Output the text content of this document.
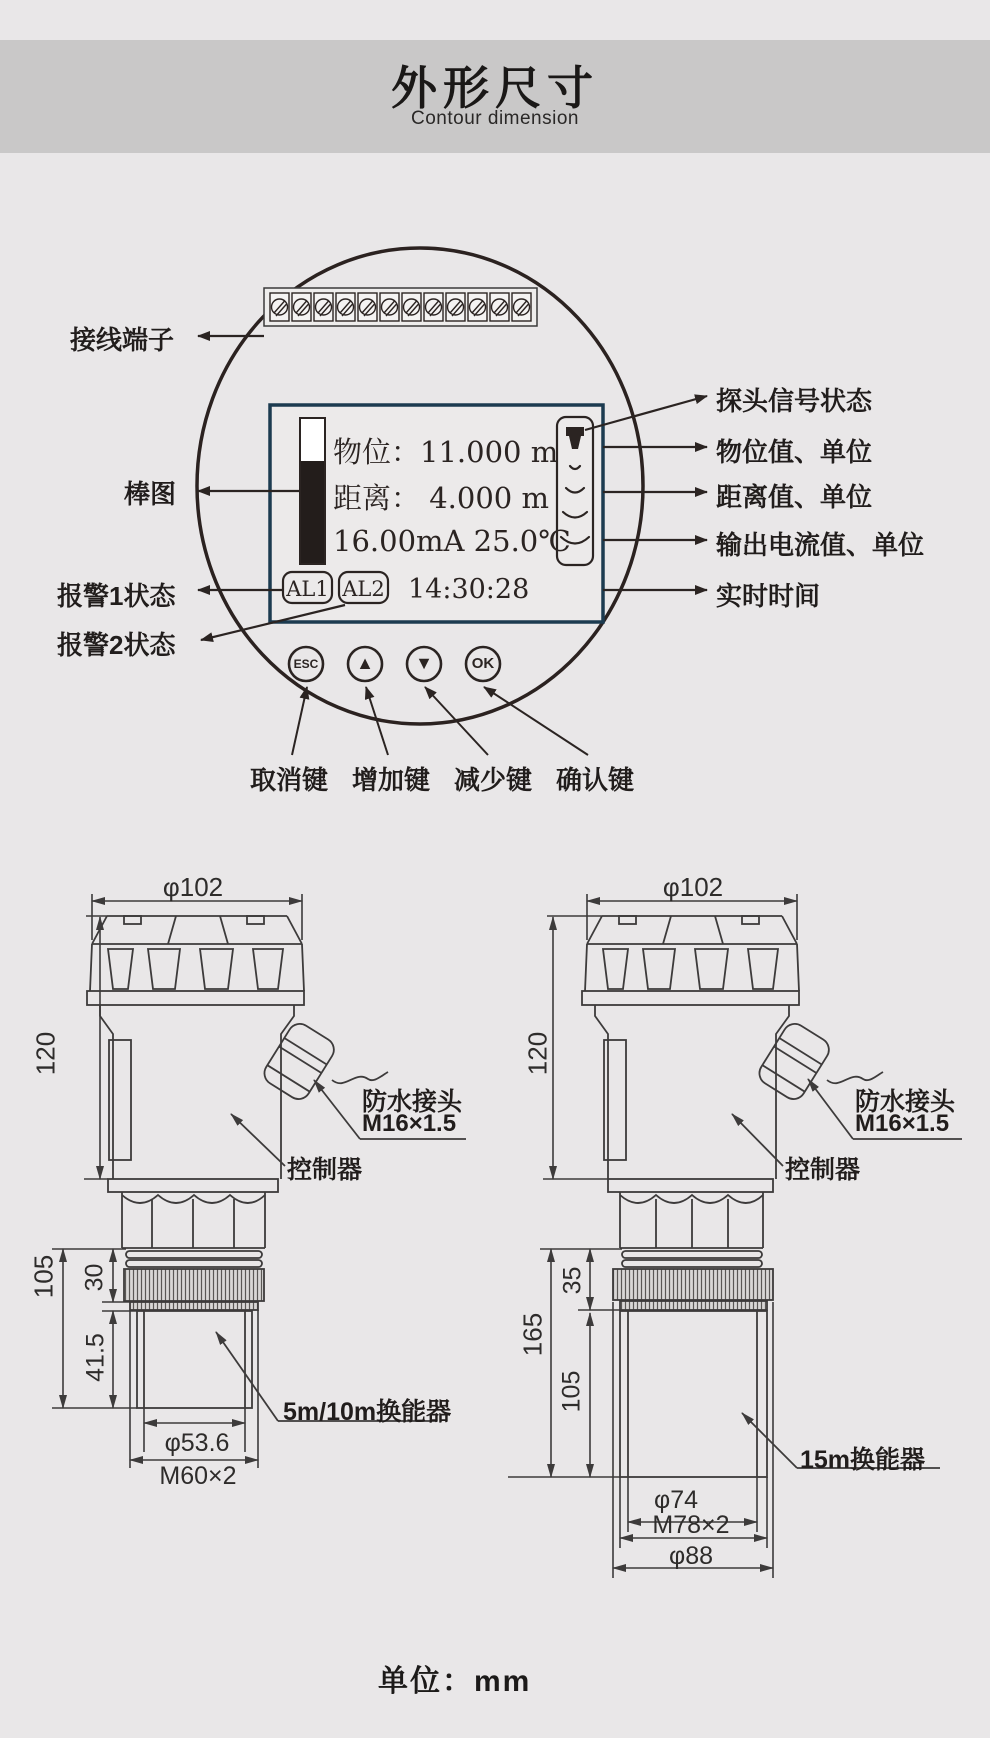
外形尺寸
Contour dimension
接线端子
棒图
报警1状态
报警2状态
探头信号状态
物位值、单位
距离值、单位
输出电流值、单位
实时时间
物位：11.000 m
距离： 4.000 m
16.00mA 25.0℃
AL1 AL2 14:30:28
ESC	▲	▼	OK
取消键 增加键 减少键 确认键
φ102
120
105 30
41.5
φ53.6
M60×2
防水接头
M16×1.5
控制器
5m/10m换能器
φ102
120
165
35
105
φ74
M78×2
φ88
防水接头
M16×1.5
控制器
15m换能器
单位：mm
